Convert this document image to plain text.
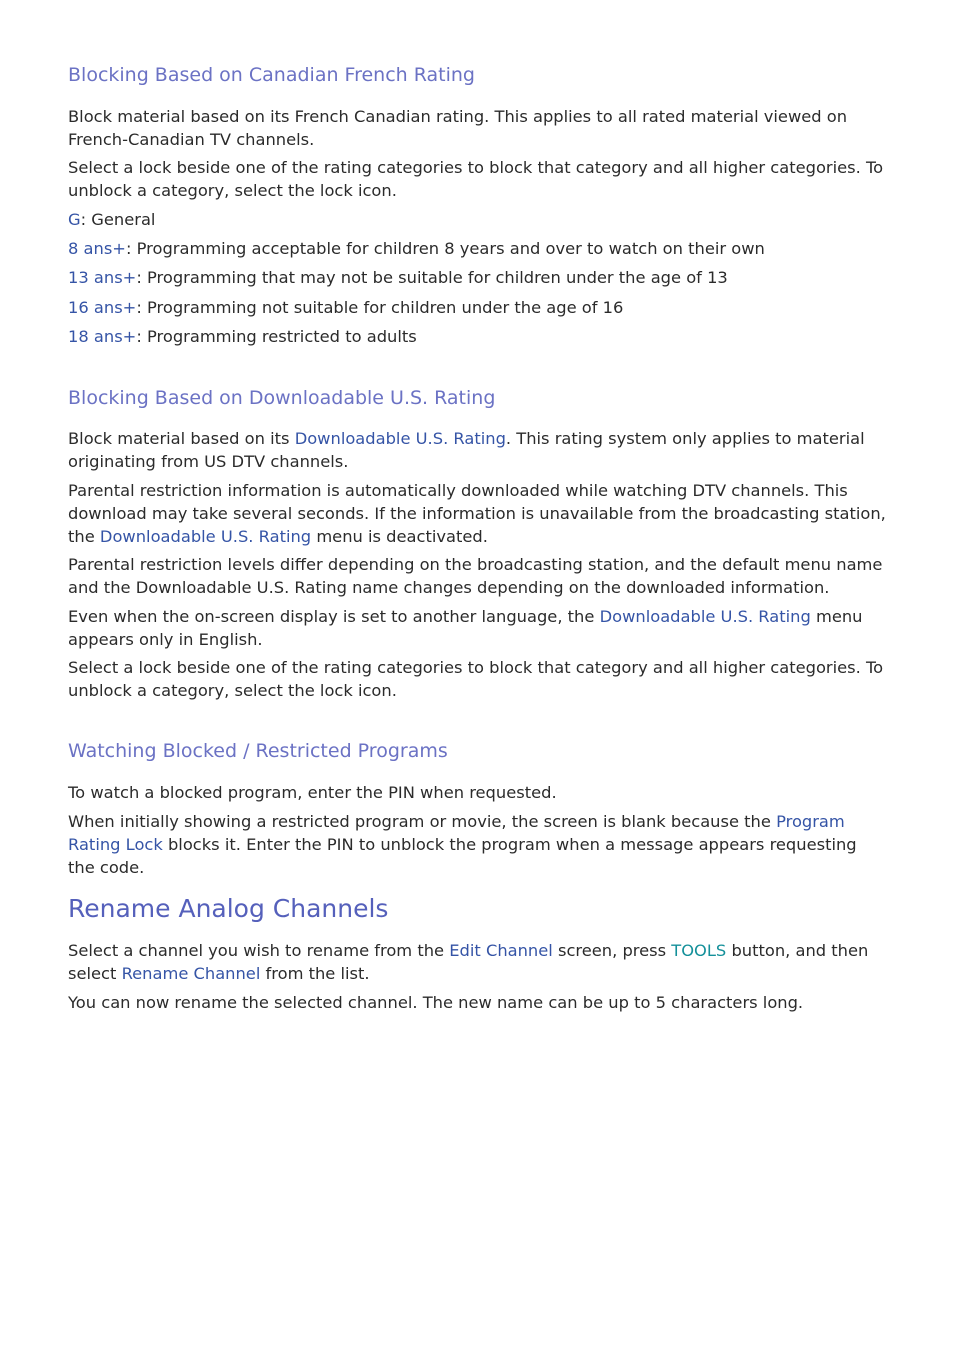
Blocking Based on Canadian French Rating

Block material based on its French Canadian rating. This applies to all rated material viewed on French-Canadian TV channels.

Select a lock beside one of the rating categories to block that category and all higher categories. To unblock a category, select the lock icon.

G: General

8 ans+: Programming acceptable for children 8 years and over to watch on their own

13 ans+: Programming that may not be suitable for children under the age of 13

16 ans+: Programming not suitable for children under the age of 16

18 ans+: Programming restricted to adults

Blocking Based on Downloadable U.S. Rating

Block material based on its Downloadable U.S. Rating. This rating system only applies to material originating from US DTV channels.

Parental restriction information is automatically downloaded while watching DTV channels. This download may take several seconds. If the information is unavailable from the broadcasting station, the Downloadable U.S. Rating menu is deactivated.

Parental restriction levels differ depending on the broadcasting station, and the default menu name and the Downloadable U.S. Rating name changes depending on the downloaded information.

Even when the on-screen display is set to another language, the Downloadable U.S. Rating menu appears only in English.

Select a lock beside one of the rating categories to block that category and all higher categories. To unblock a category, select the lock icon.

Watching Blocked / Restricted Programs

To watch a blocked program, enter the PIN when requested.

When initially showing a restricted program or movie, the screen is blank because the Program Rating Lock blocks it. Enter the PIN to unblock the program when a message appears requesting the code.

Rename Analog Channels

Select a channel you wish to rename from the Edit Channel screen, press TOOLS button, and then select Rename Channel from the list.

You can now rename the selected channel. The new name can be up to 5 characters long.
